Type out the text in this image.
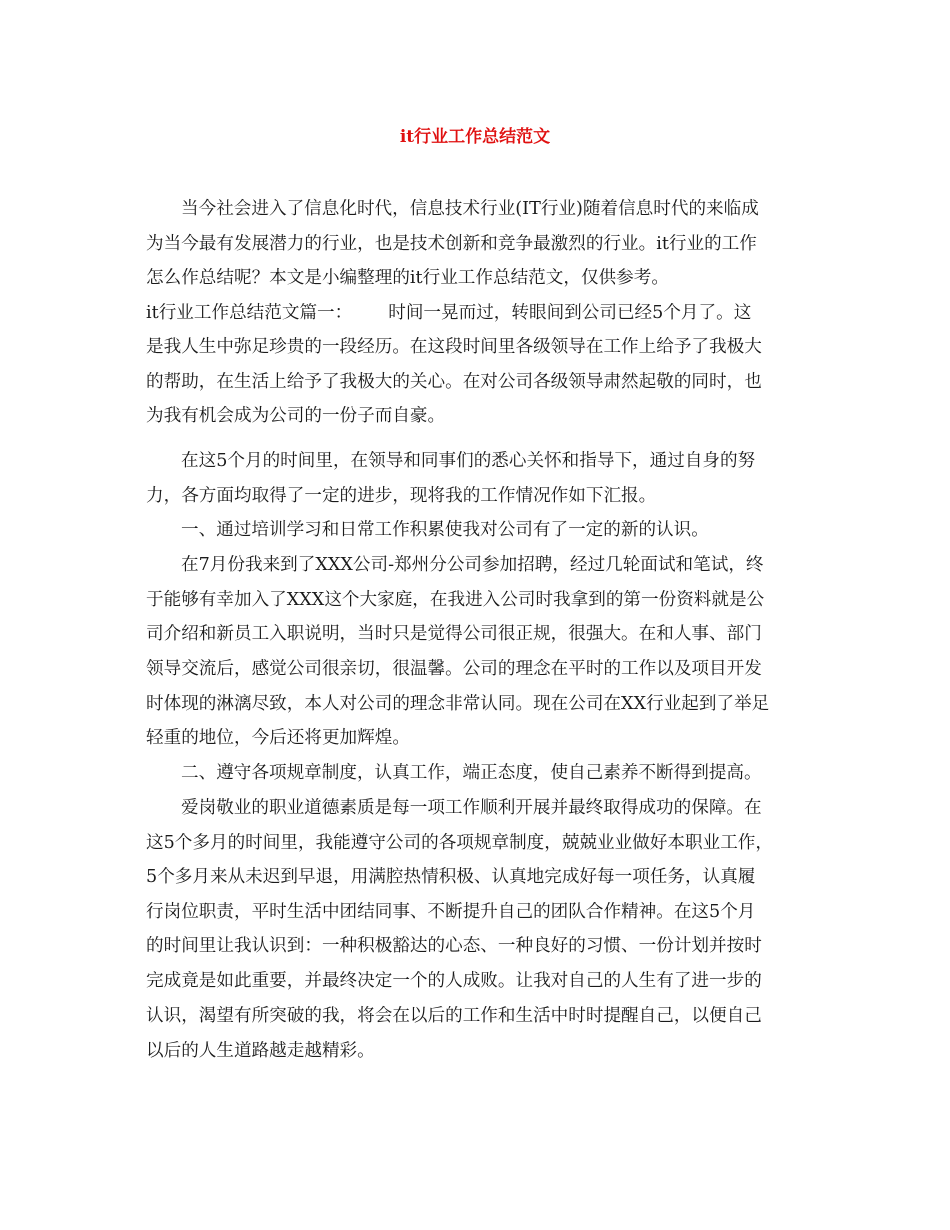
it行业工作总结范文
当今社会进入了信息化时代，信息技术行业(IT行业)随着信息时代的来临成
为当今最有发展潜力的行业，也是技术创新和竞争最激烈的行业。it行业的工作
怎么作总结呢？本文是小编整理的it行业工作总结范文，仅供参考。
it行业工作总结范文篇一： 时间一晃而过，转眼间到公司已经5个月了。这
是我人生中弥足珍贵的一段经历。在这段时间里各级领导在工作上给予了我极大
的帮助，在生活上给予了我极大的关心。在对公司各级领导肃然起敬的同时，也
为我有机会成为公司的一份子而自豪。
在这5个月的时间里，在领导和同事们的悉心关怀和指导下，通过自身的努
力，各方面均取得了一定的进步，现将我的工作情况作如下汇报。
一、通过培训学习和日常工作积累使我对公司有了一定的新的认识。
在7月份我来到了XXX公司-郑州分公司参加招聘，经过几轮面试和笔试，终
于能够有幸加入了XXX这个大家庭，在我进入公司时我拿到的第一份资料就是公
司介绍和新员工入职说明，当时只是觉得公司很正规，很强大。在和人事、部门
领导交流后，感觉公司很亲切，很温馨。公司的理念在平时的工作以及项目开发
时体现的淋漓尽致，本人对公司的理念非常认同。现在公司在XX行业起到了举足
轻重的地位，今后还将更加辉煌。
二、遵守各项规章制度，认真工作，端正态度，使自己素养不断得到提高。
爱岗敬业的职业道德素质是每一项工作顺利开展并最终取得成功的保障。在
这5个多月的时间里，我能遵守公司的各项规章制度，兢兢业业做好本职业工作，
5个多月来从未迟到早退，用满腔热情积极、认真地完成好每一项任务，认真履
行岗位职责，平时生活中团结同事、不断提升自己的团队合作精神。在这5个月
的时间里让我认识到：一种积极豁达的心态、一种良好的习惯、一份计划并按时
完成竟是如此重要，并最终决定一个的人成败。让我对自己的人生有了进一步的
认识，渴望有所突破的我，将会在以后的工作和生活中时时提醒自己，以便自己
以后的人生道路越走越精彩。
